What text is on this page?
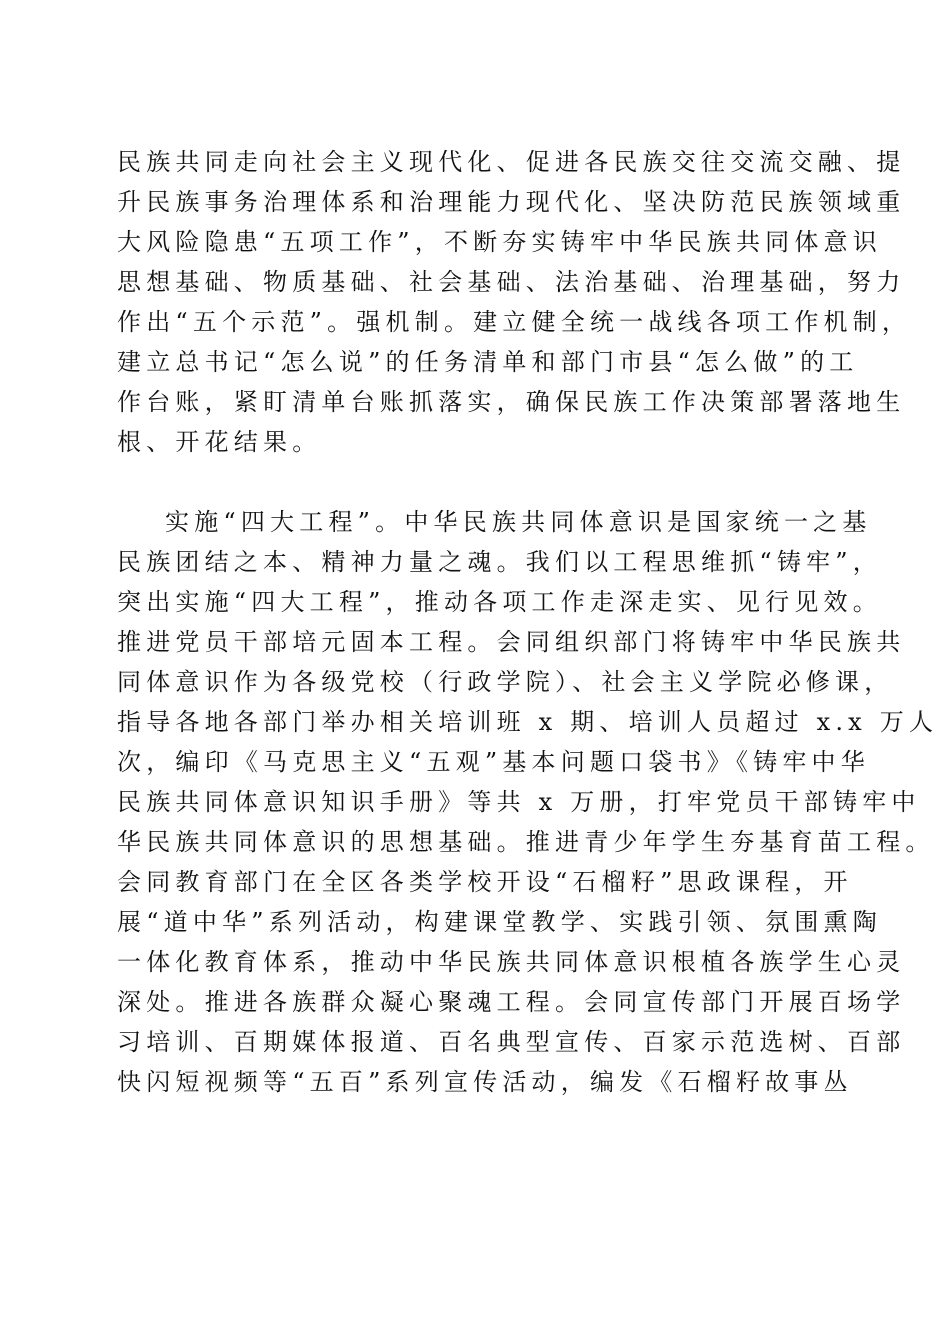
民族共同走向社会主义现代化、促进各民族交往交流交融、提
升民族事务治理体系和治理能力现代化、坚决防范民族领域重
大风险隐患“五项工作”，不断夯实铸牢中华民族共同体意识
思想基础、物质基础、社会基础、法治基础、治理基础，努力
作出“五个示范”。强机制。建立健全统一战线各项工作机制，
建立总书记“怎么说”的任务清单和部门市县“怎么做”的工
作台账，紧盯清单台账抓落实，确保民族工作决策部署落地生
根、开花结果。
实施“四大工程”。中华民族共同体意识是国家统一之基
民族团结之本、精神力量之魂。我们以工程思维抓“铸牢”，
突出实施“四大工程”，推动各项工作走深走实、见行见效。
推进党员干部培元固本工程。会同组织部门将铸牢中华民族共
同体意识作为各级党校（行政学院）、社会主义学院必修课，
指导各地各部门举办相关培训班 x 期、培训人员超过 x.x 万人
次，编印《马克思主义“五观”基本问题口袋书》《铸牢中华
民族共同体意识知识手册》等共 x 万册，打牢党员干部铸牢中
华民族共同体意识的思想基础。推进青少年学生夯基育苗工程。
会同教育部门在全区各类学校开设“石榴籽”思政课程，开
展“道中华”系列活动，构建课堂教学、实践引领、氛围熏陶
一体化教育体系，推动中华民族共同体意识根植各族学生心灵
深处。推进各族群众凝心聚魂工程。会同宣传部门开展百场学
习培训、百期媒体报道、百名典型宣传、百家示范选树、百部
快闪短视频等“五百”系列宣传活动，编发《石榴籽故事丛
